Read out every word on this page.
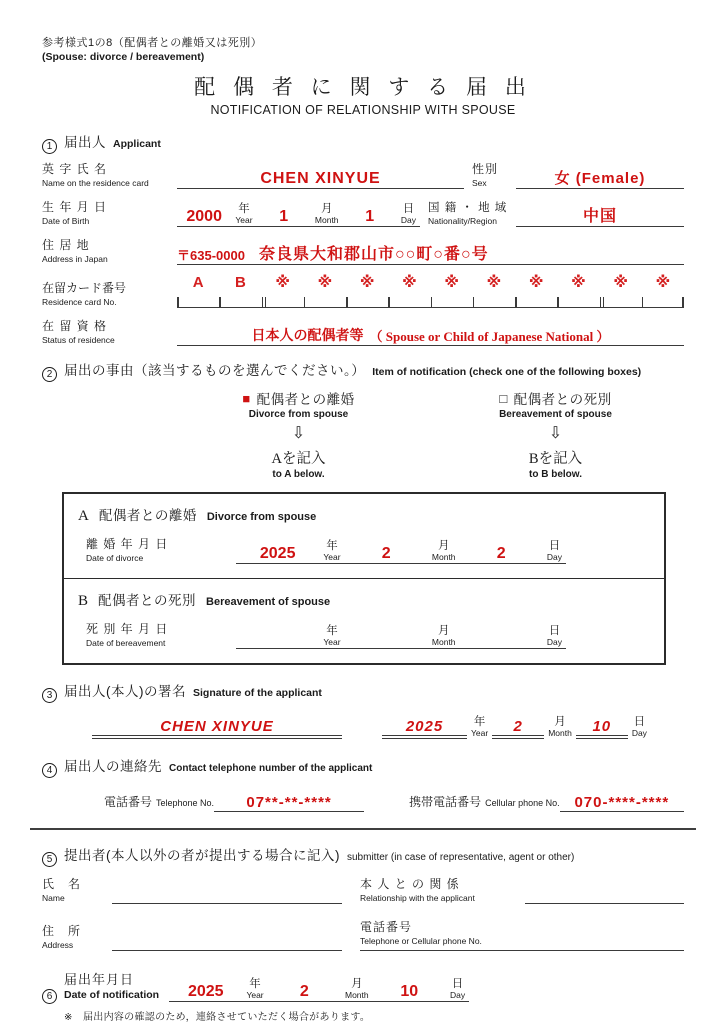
参考様式1の8（配偶者との離婚又は死別）
(Spouse: divorce / bereavement)
配 偶 者 に 関 す る 届 出
NOTIFICATION OF RELATIONSHIP WITH SPOUSE
1 届出人 Applicant
英 字 氏 名
Name on the residence card	CHEN XINYUE
性別
Sex	女 (Female)
生 年 月 日
Date of Birth	2000	年
Year	1	月
Month	1	日
Day
国 籍 ・ 地 域
Nationality/Region	中国
住 居 地
Address in Japan	〒635-0000 奈良県大和郡山市○○町○番○号
在留カード番号
Residence card No.
A B ※ ※ ※ ※ ※ ※ ※ ※ ※ ※
在 留 資 格
Status of residence	日本人の配偶者等 （ Spouse or Child of Japanese National ）
2 届出の事由（該当するものを選んでください。） Item of notification (check one of the following boxes)
■ 配偶者との離婚
Divorce from spouse
⇩
Aを記入
to A below.
□ 配偶者との死別
Bereavement of spouse
⇩
Bを記入
to B below.
A 配偶者との離婚 Divorce from spouse
離 婚 年 月 日
Date of divorce	2025	年
Year	2	月
Month	2	日
Day
B 配偶者との死別 Bereavement of spouse
死 別 年 月 日
Date of bereavement
年
Year
月
Month
日
Day
3 届出人(本人)の署名 Signature of the applicant
CHEN XINYUE	2025	年
Year 2	月
Month 10 日
Day
4 届出人の連絡先 Contact telephone number of the applicant
電話番号 Telephone No. 07**-**-****	携帯電話番号 Cellular phone No. 070-****-****
5 提出者(本人以外の者が提出する場合に記入) submitter (in case of representative, agent or other)
氏　名
Name
本 人 と の 関 係
Relationship with the applicant
住　所
Address
電話番号
Telephone or Cellular phone No.
6
届出年月日
Date of notification	2025	年
Year	2	月
Month	10	日
Day
※　届出内容の確認のため，連絡させていただく場合があります。
